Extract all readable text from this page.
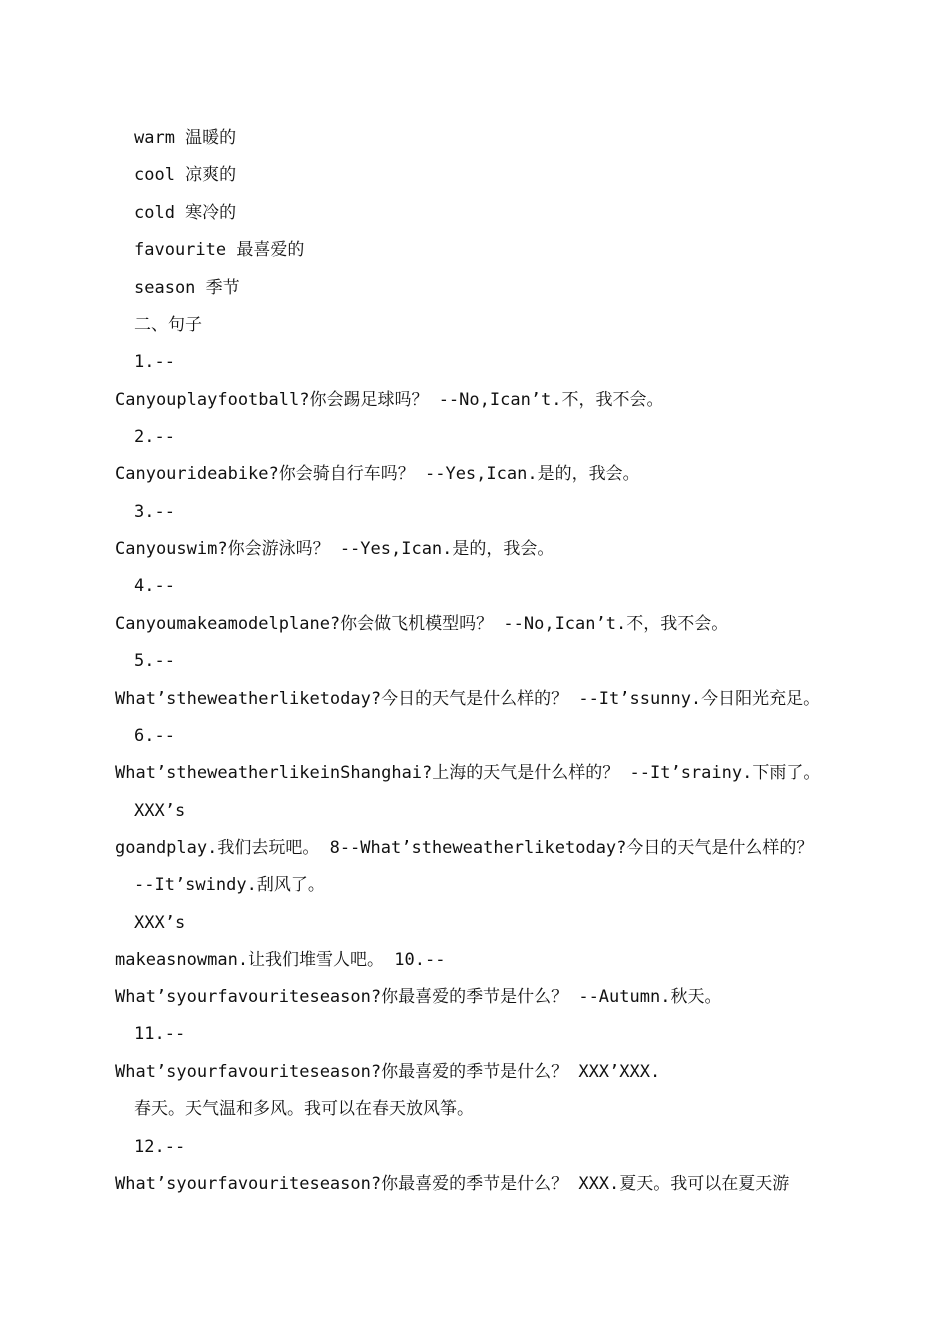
warm 温暖的
cool 凉爽的
cold 寒冷的
favourite 最喜爱的
season 季节
二、句子
1.--
Canyouplayfootball?你会踢足球吗？ --No,Ican’t.不，我不会。
2.--
Canyourideabike?你会骑自行车吗？ --Yes,Ican.是的，我会。
3.--
Canyouswim?你会游泳吗？ --Yes,Ican.是的，我会。
4.--
Canyoumakeamodelplane?你会做飞机模型吗？ --No,Ican’t.不，我不会。
5.--
What’stheweatherliketoday?今日的天气是什么样的？ --It’ssunny.今日阳光充足。
6.--
What’stheweatherlikeinShanghai?上海的天气是什么样的？ --It’srainy.下雨了。
XXX’s
goandplay.我们去玩吧。 8--What’stheweatherliketoday?今日的天气是什么样的？
--It’swindy.刮风了。
XXX’s
makeasnowman.让我们堆雪人吧。 10.--
What’syourfavouriteseason?你最喜爱的季节是什么？ --Autumn.秋天。
11.--
What’syourfavouriteseason?你最喜爱的季节是什么？ XXX’XXX.
春天。天气温和多风。我可以在春天放风筝。
12.--
What’syourfavouriteseason?你最喜爱的季节是什么？ XXX.夏天。我可以在夏天游
